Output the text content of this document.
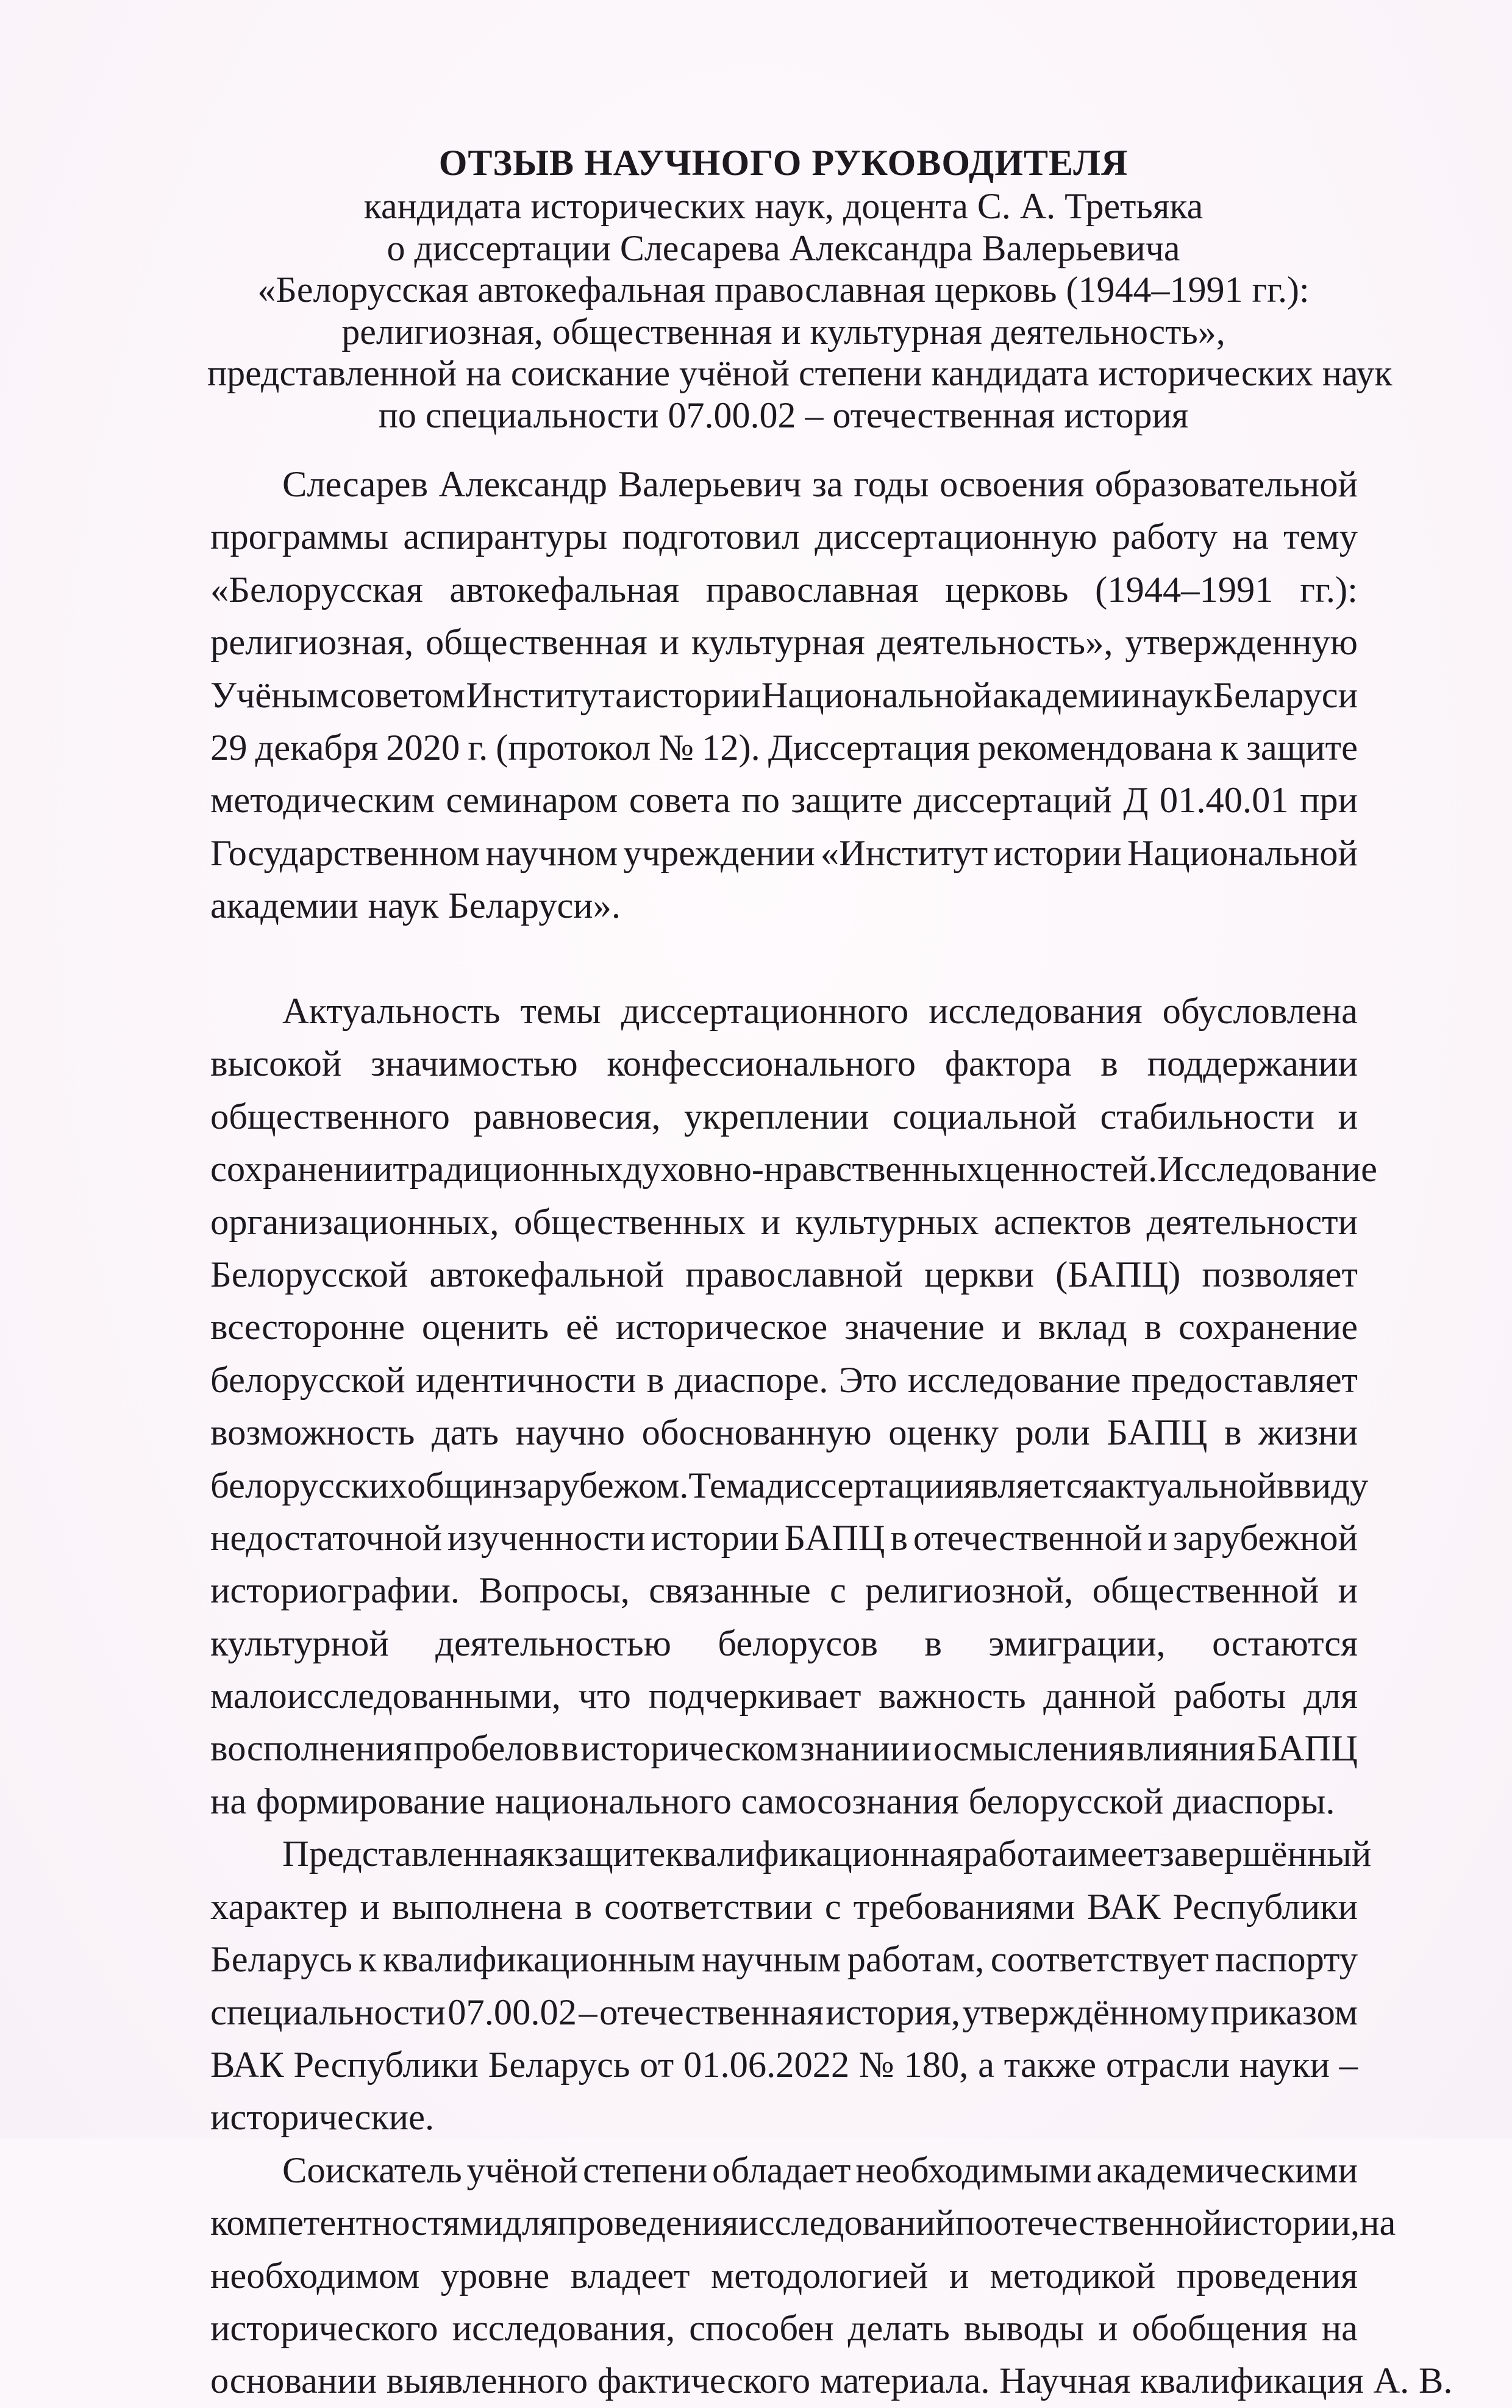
ОТЗЫВ НАУЧНОГО РУКОВОДИТЕЛЯ

кандидата исторических наук, доцента С. А. Третьяка

о диссертации Слесарева Александра Валерьевича

«Белорусская автокефальная православная церковь (1944–1991 гг.):

религиозная, общественная и культурная деятельность»,

представленной на соискание учёной степени кандидата исторических наук

по специальности 07.00.02 – отечественная история

Слесарев Александр Валерьевич за годы освоения образовательной
программы аспирантуры подготовил диссертационную работу на тему
«Белорусская автокефальная православная церковь (1944–1991 гг.):
религиозная, общественная и культурная деятельность», утвержденную
Учёным советом Института истории Национальной академии наук Беларуси
29 декабря 2020 г. (протокол № 12). Диссертация рекомендована к защите
методическим семинаром совета по защите диссертаций Д 01.40.01 при
Государственном научном учреждении «Институт истории Национальной
академии наук Беларуси».
Актуальность темы диссертационного исследования обусловлена
высокой значимостью конфессионального фактора в поддержании
общественного равновесия, укреплении социальной стабильности и
сохранении традиционных духовно-нравственных ценностей. Исследование
организационных, общественных и культурных аспектов деятельности
Белорусской автокефальной православной церкви (БАПЦ) позволяет
всесторонне оценить её историческое значение и вклад в сохранение
белорусской идентичности в диаспоре. Это исследование предоставляет
возможность дать научно обоснованную оценку роли БАПЦ в жизни
белорусских общин за рубежом. Тема диссертации является актуальной ввиду
недостаточной изученности истории БАПЦ в отечественной и зарубежной
историографии. Вопросы, связанные с религиозной, общественной и
культурной деятельностью белорусов в эмиграции, остаются
малоисследованными, что подчеркивает важность данной работы для
восполнения пробелов в историческом знании и осмысления влияния БАПЦ
на формирование национального самосознания белорусской диаспоры.
Представленная к защите квалификационная работа имеет завершённый
характер и выполнена в соответствии с требованиями ВАК Республики
Беларусь к квалификационным научным работам, соответствует паспорту
специальности 07.00.02 – отечественная история, утверждённому приказом
ВАК Республики Беларусь от 01.06.2022 № 180, а также отрасли науки –
исторические.
Соискатель учёной степени обладает необходимыми академическими
компетентностями для проведения исследований по отечественной истории, на
необходимом уровне владеет методологией и методикой проведения
исторического исследования, способен делать выводы и обобщения на
основании выявленного фактического материала. Научная квалификация А. В.
